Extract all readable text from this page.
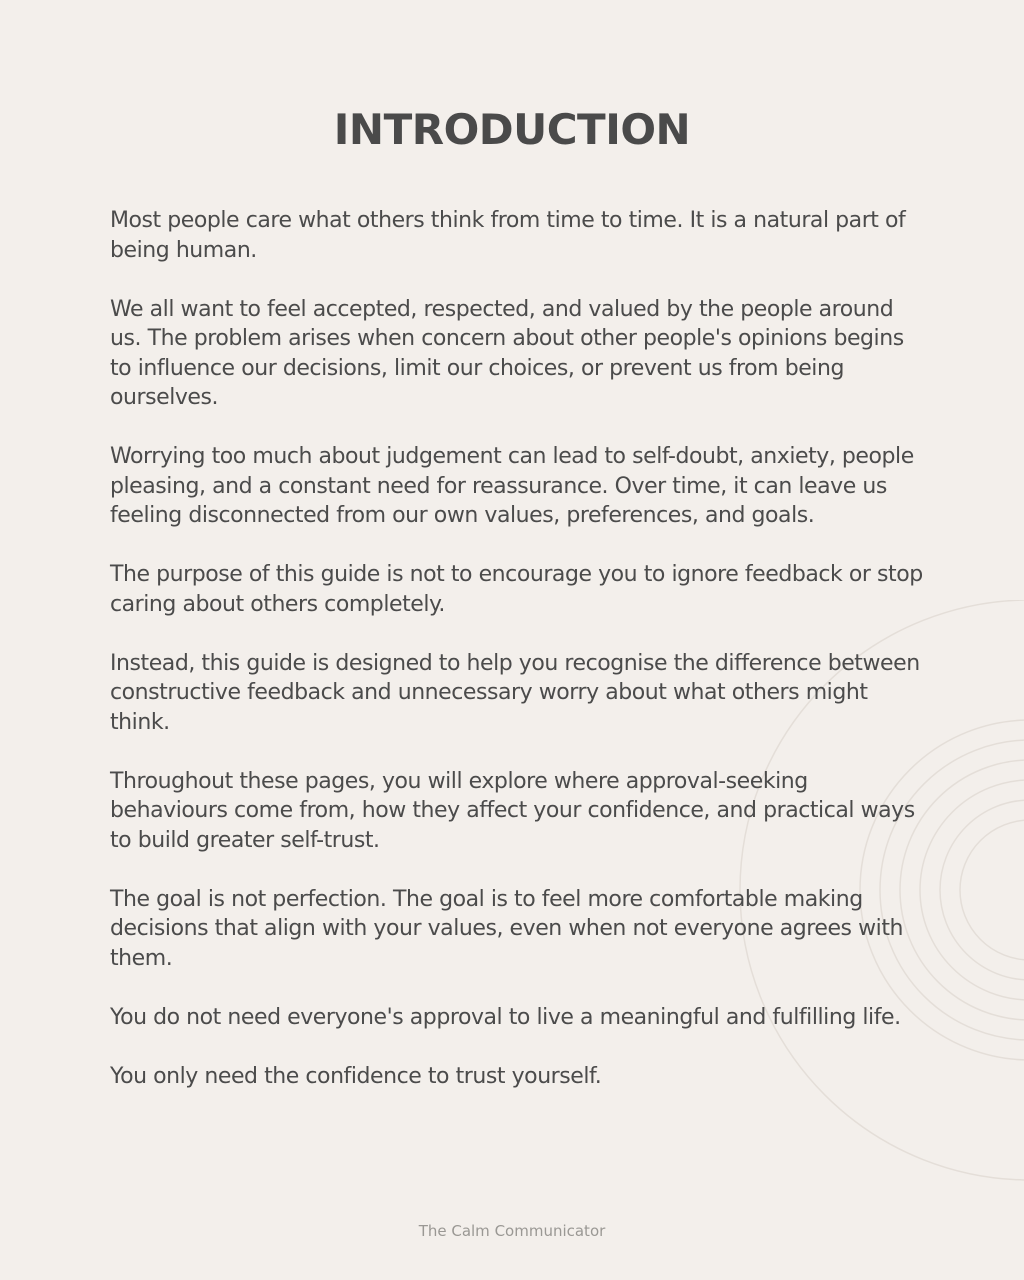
INTRODUCTION

Most people care what others think from time to time. It is a natural part of being human.

We all want to feel accepted, respected, and valued by the people around us. The problem arises when concern about other people's opinions begins to influence our decisions, limit our choices, or prevent us from being ourselves.

Worrying too much about judgement can lead to self-doubt, anxiety, people pleasing, and a constant need for reassurance. Over time, it can leave us feeling disconnected from our own values, preferences, and goals.

The purpose of this guide is not to encourage you to ignore feedback or stop caring about others completely.

Instead, this guide is designed to help you recognise the difference between constructive feedback and unnecessary worry about what others might think.

Throughout these pages, you will explore where approval-seeking behaviours come from, how they affect your confidence, and practical ways to build greater self-trust.

The goal is not perfection. The goal is to feel more comfortable making decisions that align with your values, even when not everyone agrees with them.

You do not need everyone's approval to live a meaningful and fulfilling life.

You only need the confidence to trust yourself.

The Calm Communicator
